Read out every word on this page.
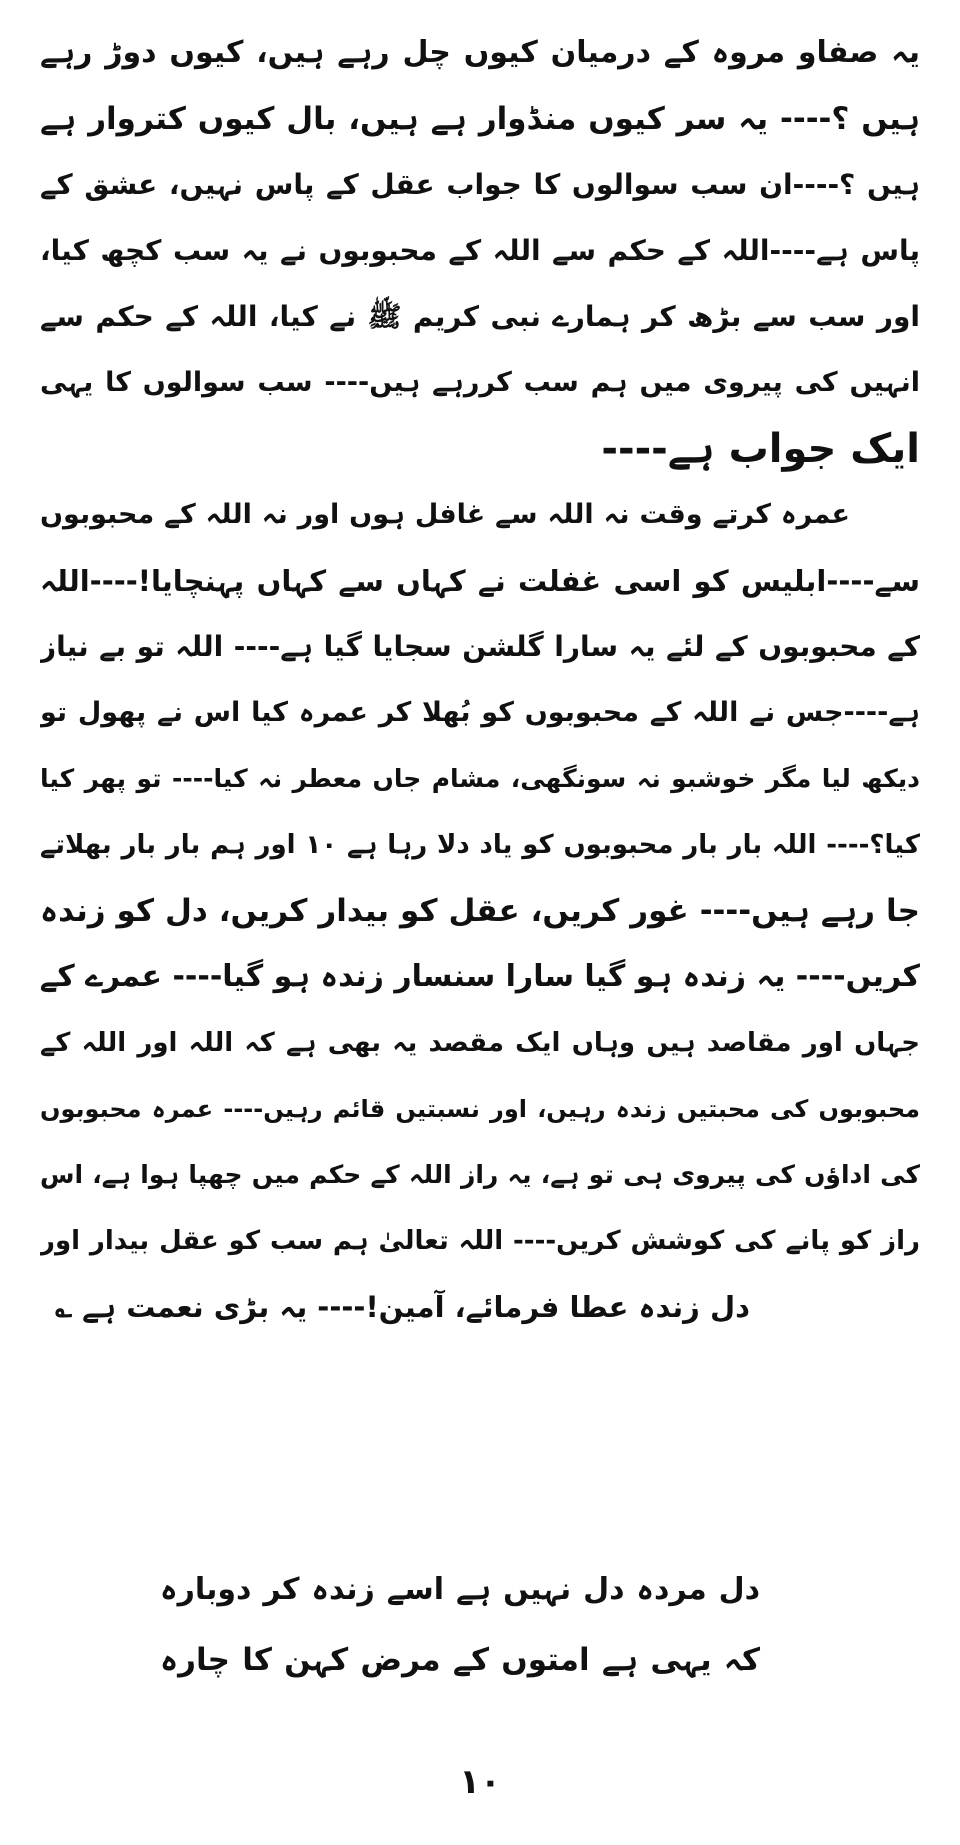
یہ صفاو مروہ کے درمیان کیوں چل رہے ہیں، کیوں دوڑ رہے
ہیں ؟---- یہ سر کیوں منڈوار ہے ہیں، بال کیوں کتروار ہے
ہیں ؟----ان سب سوالوں کا جواب عقل کے پاس نہیں، عشق کے
پاس ہے----اللہ کے حکم سے اللہ کے محبوبوں نے یہ سب کچھ کیا،
اور سب سے بڑھ کر ہمارے نبی کریم ﷺ نے کیا، اللہ کے حکم سے
انہیں کی پیروی میں ہم سب کررہے ہیں---- سب سوالوں کا یہی
ایک جواب ہے----
عمرہ کرتے وقت نہ اللہ سے غافل ہوں اور نہ اللہ کے محبوبوں
سے----ابلیس کو اسی غفلت نے کہاں سے کہاں پہنچایا!----اللہ
کے محبوبوں کے لئے یہ سارا گلشن سجایا گیا ہے---- اللہ تو بے نیاز
ہے----جس نے اللہ کے محبوبوں کو بُھلا کر عمرہ کیا اس نے پھول تو
دیکھ لیا مگر خوشبو نہ سونگھی، مشام جاں معطر نہ کیا---- تو پھر کیا
کیا؟---- اللہ بار بار محبوبوں کو یاد دلا رہا ہے ۱۰ اور ہم بار بار بھلاتے
جا رہے ہیں---- غور کریں، عقل کو بیدار کریں، دل کو زندہ
کریں---- یہ زندہ ہو گیا سارا سنسار زندہ ہو گیا---- عمرے کے
جہاں اور مقاصد ہیں وہاں ایک مقصد یہ بھی ہے کہ اللہ اور اللہ کے
محبوبوں کی محبتیں زندہ رہیں، اور نسبتیں قائم رہیں---- عمرہ محبوبوں
کی اداؤں کی پیروی ہی تو ہے، یہ راز اللہ کے حکم میں چھپا ہوا ہے، اس
راز کو پانے کی کوشش کریں---- اللہ تعالیٰ ہم سب کو عقل بیدار اور
دل زندہ عطا فرمائے، آمین!---- یہ بڑی نعمت ہے ؎
دل مردہ دل نہیں ہے اسے زندہ کر دوبارہ
کہ یہی ہے امتوں کے مرض کہن کا چارہ
۱۰
